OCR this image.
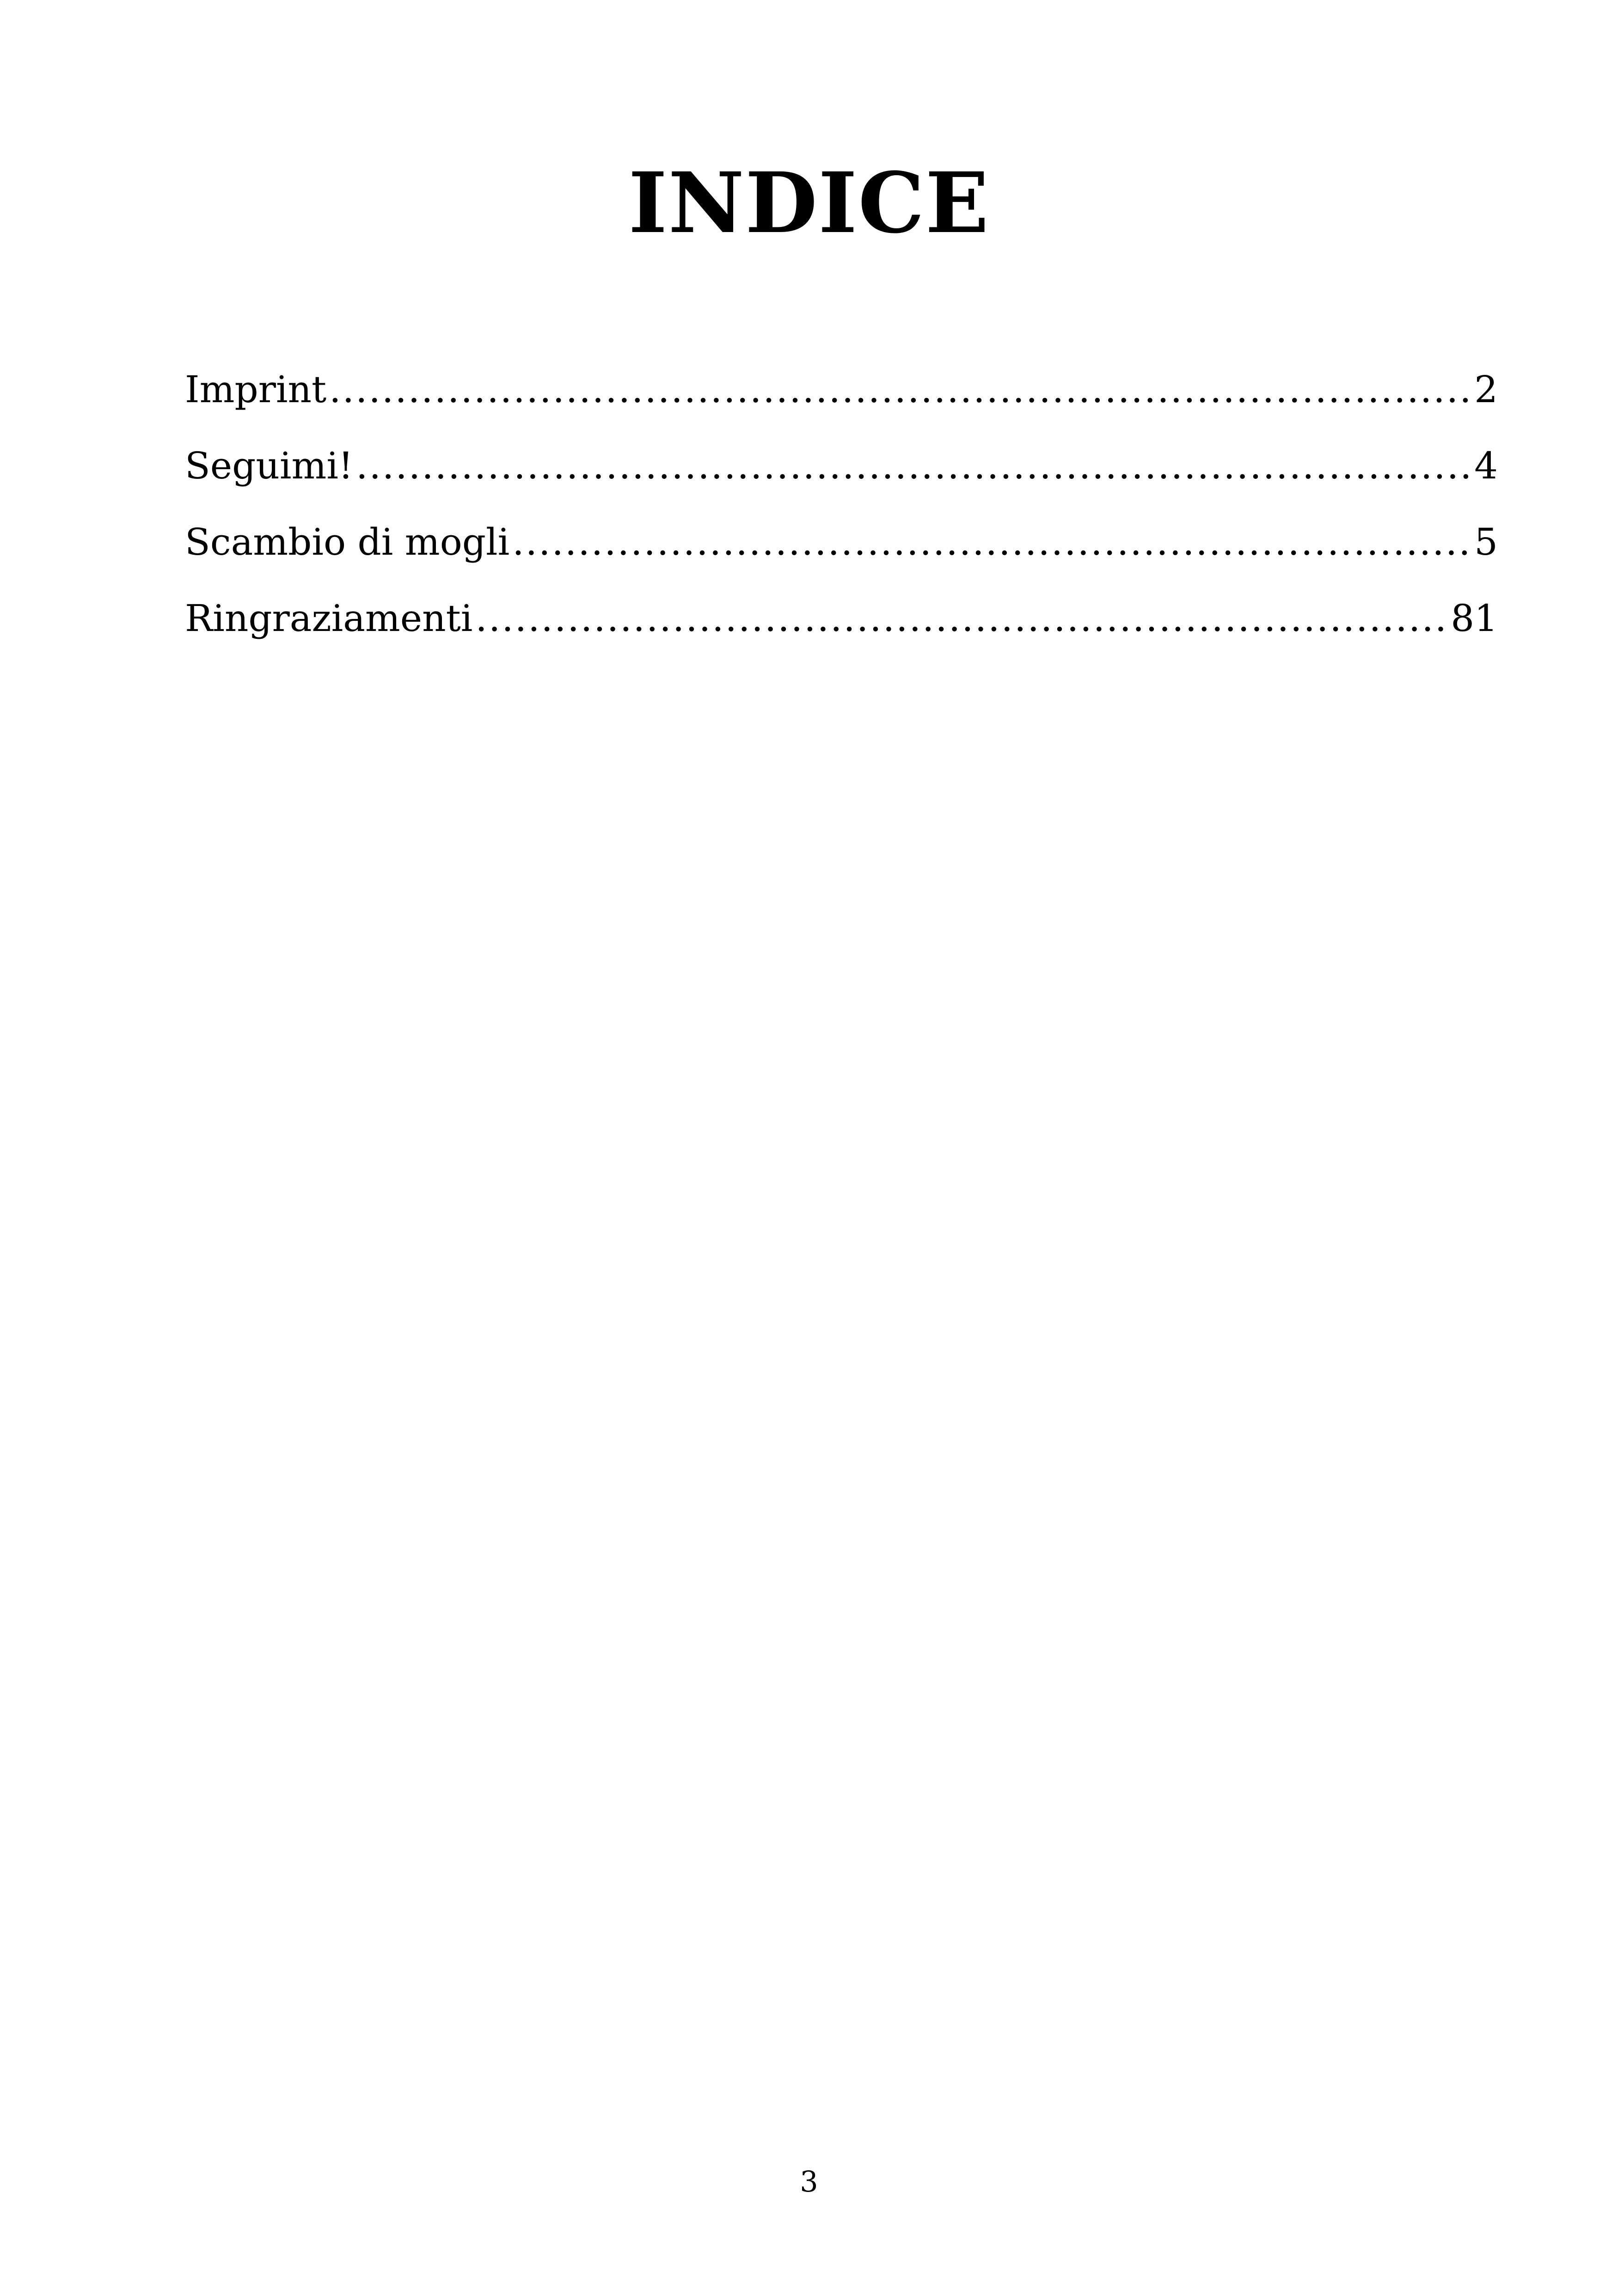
INDICE
Imprint .....	2
Seguimi! .....	4
Scambio di mogli .....	5
Ringraziamenti .....	81
3
